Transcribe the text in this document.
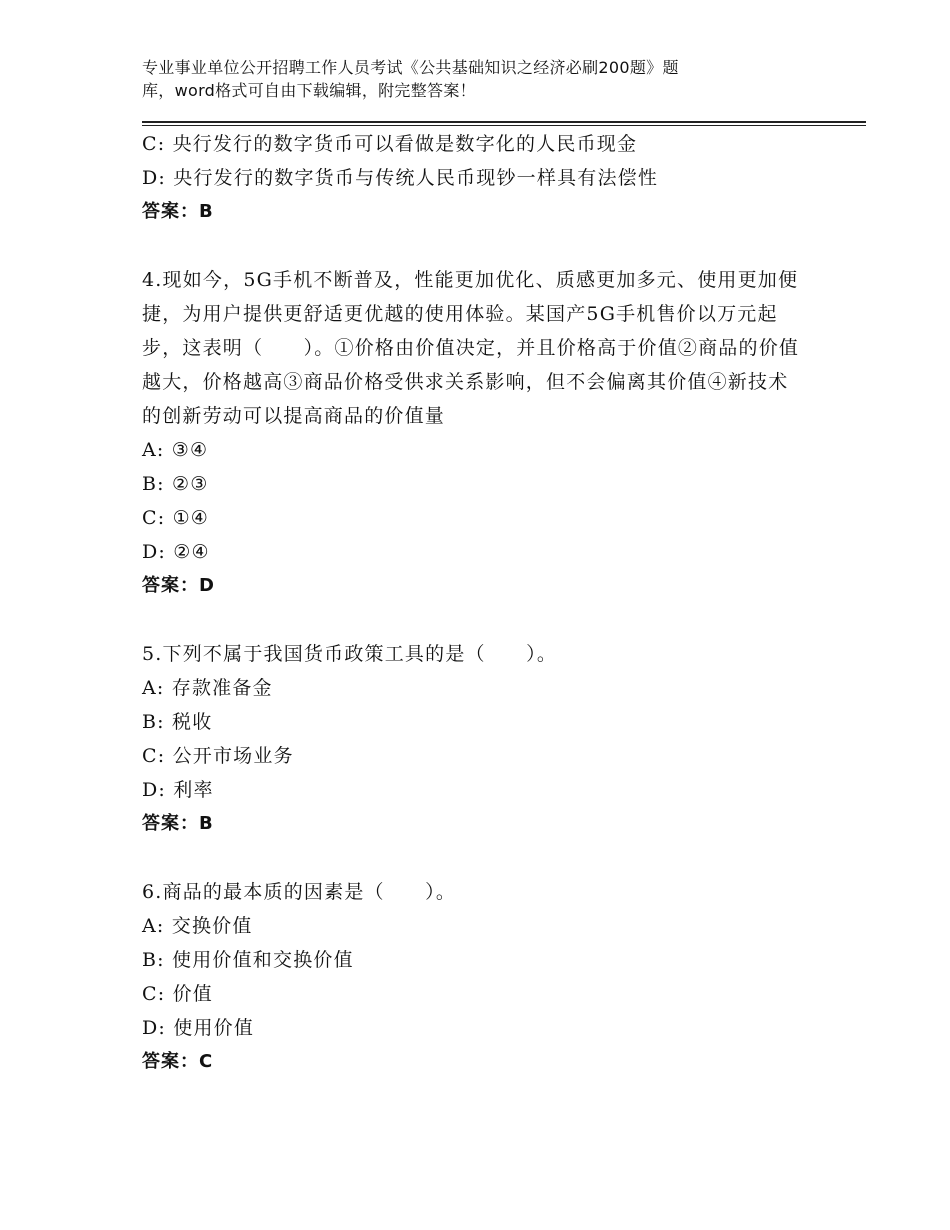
专业事业单位公开招聘工作人员考试《公共基础知识之经济必刷200题》题
库，word格式可自由下载编辑，附完整答案！
C: 央行发行的数字货币可以看做是数字化的人民币现金
D: 央行发行的数字货币与传统人民币现钞一样具有法偿性
答案：B
4.现如今，5G手机不断普及，性能更加优化、质感更加多元、使用更加便捷，为用户提供更舒适更优越的使用体验。某国产5G手机售价以万元起步，这表明（　　）。①价格由价值决定，并且价格高于价值②商品的价值越大，价格越高③商品价格受供求关系影响，但不会偏离其价值④新技术的创新劳动可以提高商品的价值量
A: ③④
B: ②③
C: ①④
D: ②④
答案：D
5.下列不属于我国货币政策工具的是（　　）。
A: 存款准备金
B: 税收
C: 公开市场业务
D: 利率
答案：B
6.商品的最本质的因素是（　　）。
A: 交换价值
B: 使用价值和交换价值
C: 价值
D: 使用价值
答案：C
